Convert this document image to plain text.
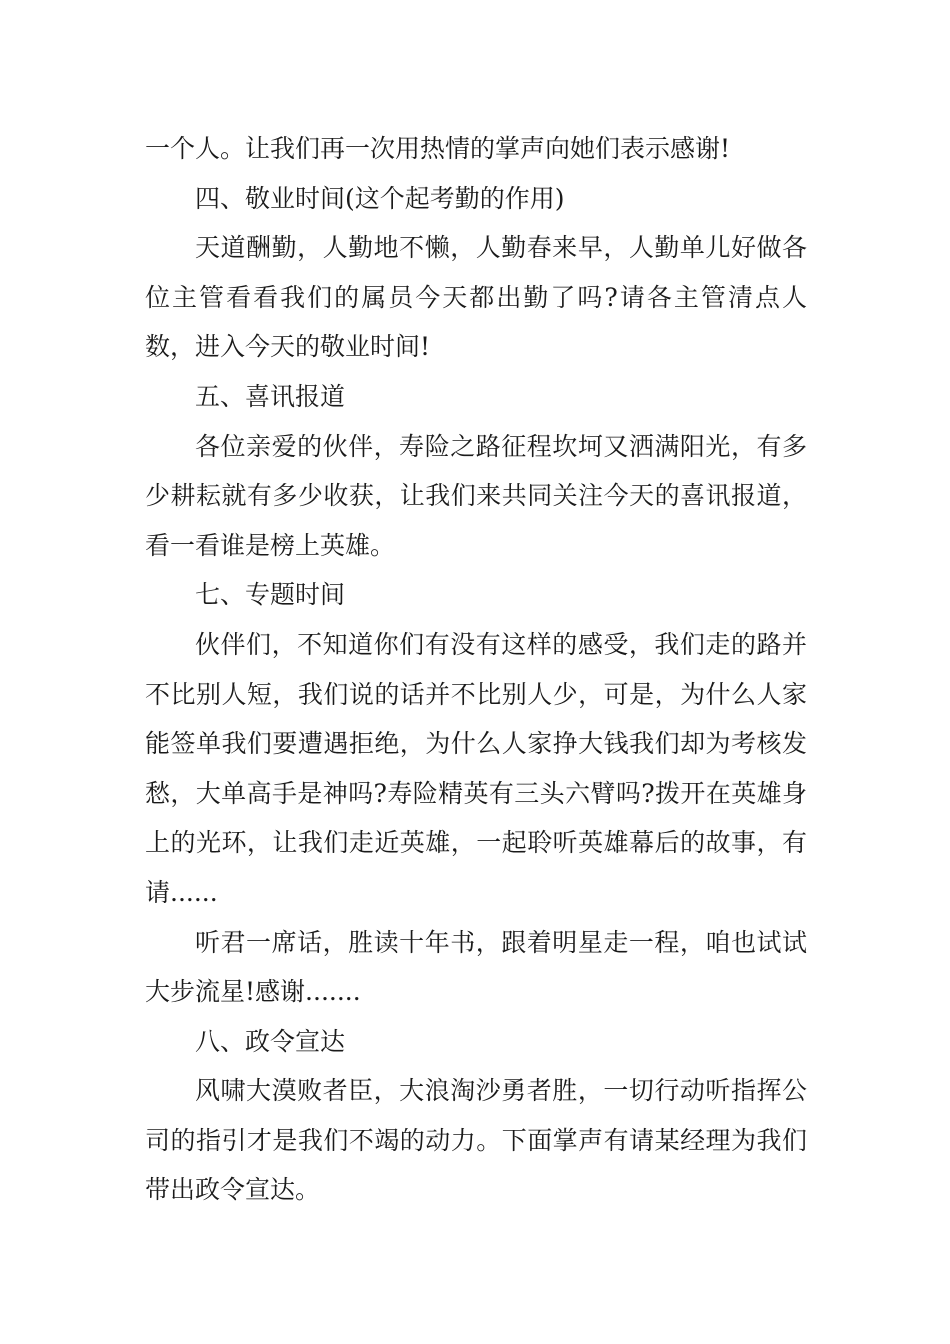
一个人。让我们再一次用热情的掌声向她们表示感谢!

四、敬业时间(这个起考勤的作用)

天道酬勤，人勤地不懒，人勤春来早，人勤单儿好做各位主管看看我们的属员今天都出勤了吗?请各主管清点人数，进入今天的敬业时间!

五、喜讯报道

各位亲爱的伙伴，寿险之路征程坎坷又洒满阳光，有多少耕耘就有多少收获，让我们来共同关注今天的喜讯报道，看一看谁是榜上英雄。

七、专题时间

伙伴们，不知道你们有没有这样的感受，我们走的路并不比别人短，我们说的话并不比别人少，可是，为什么人家能签单我们要遭遇拒绝，为什么人家挣大钱我们却为考核发愁，大单高手是神吗?寿险精英有三头六臂吗?拨开在英雄身上的光环，让我们走近英雄，一起聆听英雄幕后的故事，有请......

听君一席话，胜读十年书，跟着明星走一程，咱也试试大步流星!感谢.......

八、政令宣达

风啸大漠败者臣，大浪淘沙勇者胜，一切行动听指挥公司的指引才是我们不竭的动力。下面掌声有请某经理为我们带出政令宣达。
